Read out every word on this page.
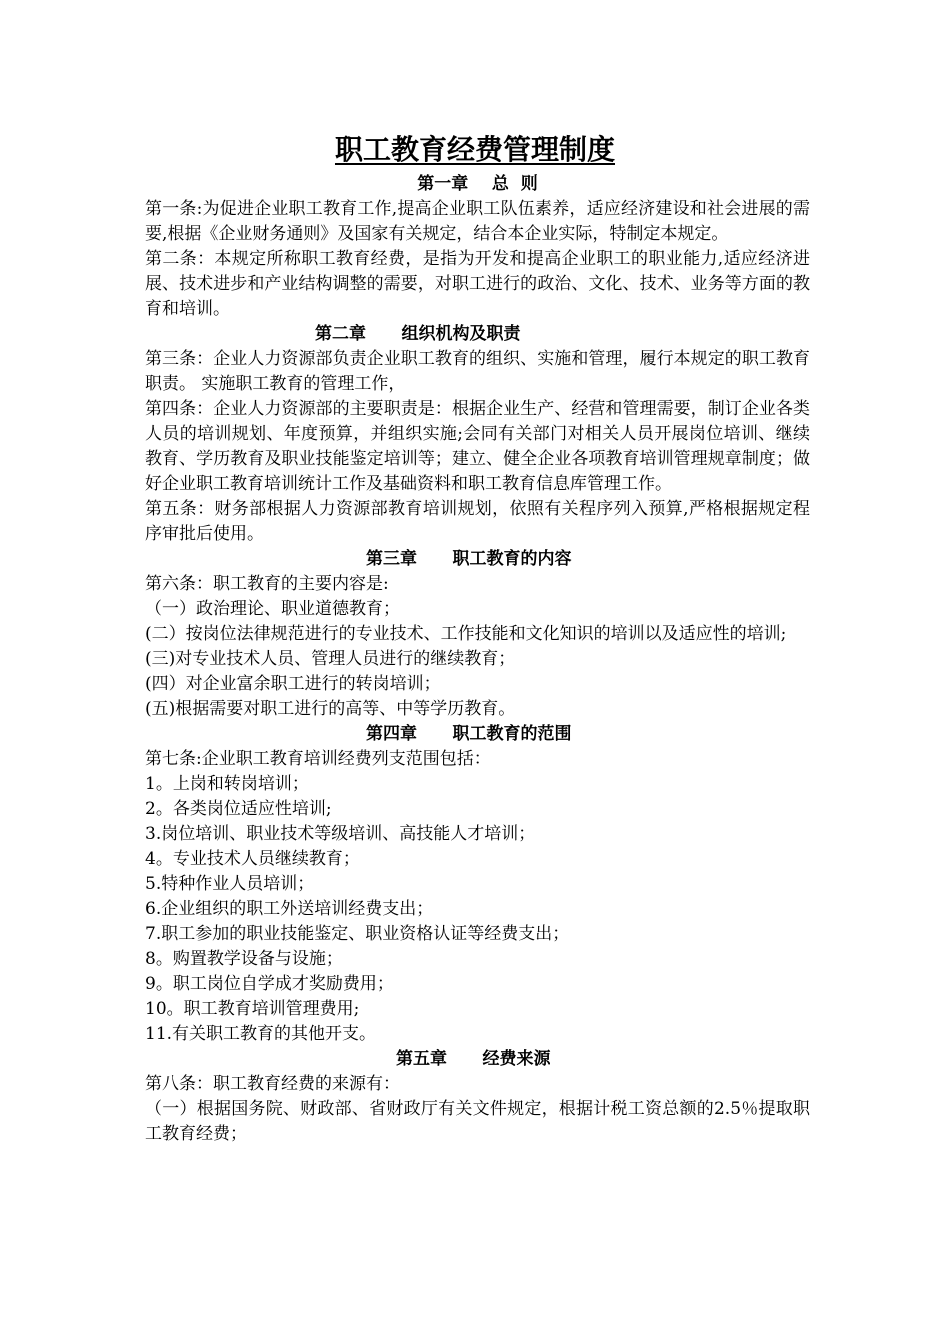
职工教育经费管理制度
第一章    总  则

第一条:为促进企业职工教育工作,提高企业职工队伍素养，适应经济建设和社会进展的需要,根据《企业财务通则》及国家有关规定，结合本企业实际，特制定本规定。

第二条：本规定所称职工教育经费，是指为开发和提高企业职工的职业能力,适应经济进展、技术进步和产业结构调整的需要，对职工进行的政治、文化、技术、业务等方面的教育和培训。

第二章      组织机构及职责

第三条：企业人力资源部负责企业职工教育的组织、实施和管理，履行本规定的职工教育职责。 实施职工教育的管理工作，

第四条：企业人力资源部的主要职责是：根据企业生产、经营和管理需要，制订企业各类人员的培训规划、年度预算，并组织实施;会同有关部门对相关人员开展岗位培训、继续教育、学历教育及职业技能鉴定培训等；建立、健全企业各项教育培训管理规章制度；做好企业职工教育培训统计工作及基础资料和职工教育信息库管理工作。

第五条：财务部根据人力资源部教育培训规划，依照有关程序列入预算,严格根据规定程序审批后使用。

第三章      职工教育的内容

第六条：职工教育的主要内容是:

（一）政治理论、职业道德教育；

(二）按岗位法律规范进行的专业技术、工作技能和文化知识的培训以及适应性的培训;

(三)对专业技术人员、管理人员进行的继续教育；

(四）对企业富余职工进行的转岗培训；

(五)根据需要对职工进行的高等、中等学历教育。

第四章      职工教育的范围

第七条:企业职工教育培训经费列支范围包括：

1。上岗和转岗培训；

2。各类岗位适应性培训;

3.岗位培训、职业技术等级培训、高技能人才培训；

4。专业技术人员继续教育；

5.特种作业人员培训；

6.企业组织的职工外送培训经费支出；

7.职工参加的职业技能鉴定、职业资格认证等经费支出；

8。购置教学设备与设施；

9。职工岗位自学成才奖励费用；

10。职工教育培训管理费用;

11.有关职工教育的其他开支。

第五章      经费来源

第八条：职工教育经费的来源有：

（一）根据国务院、财政部、省财政厅有关文件规定，根据计税工资总额的2.5％提取职工教育经费；
